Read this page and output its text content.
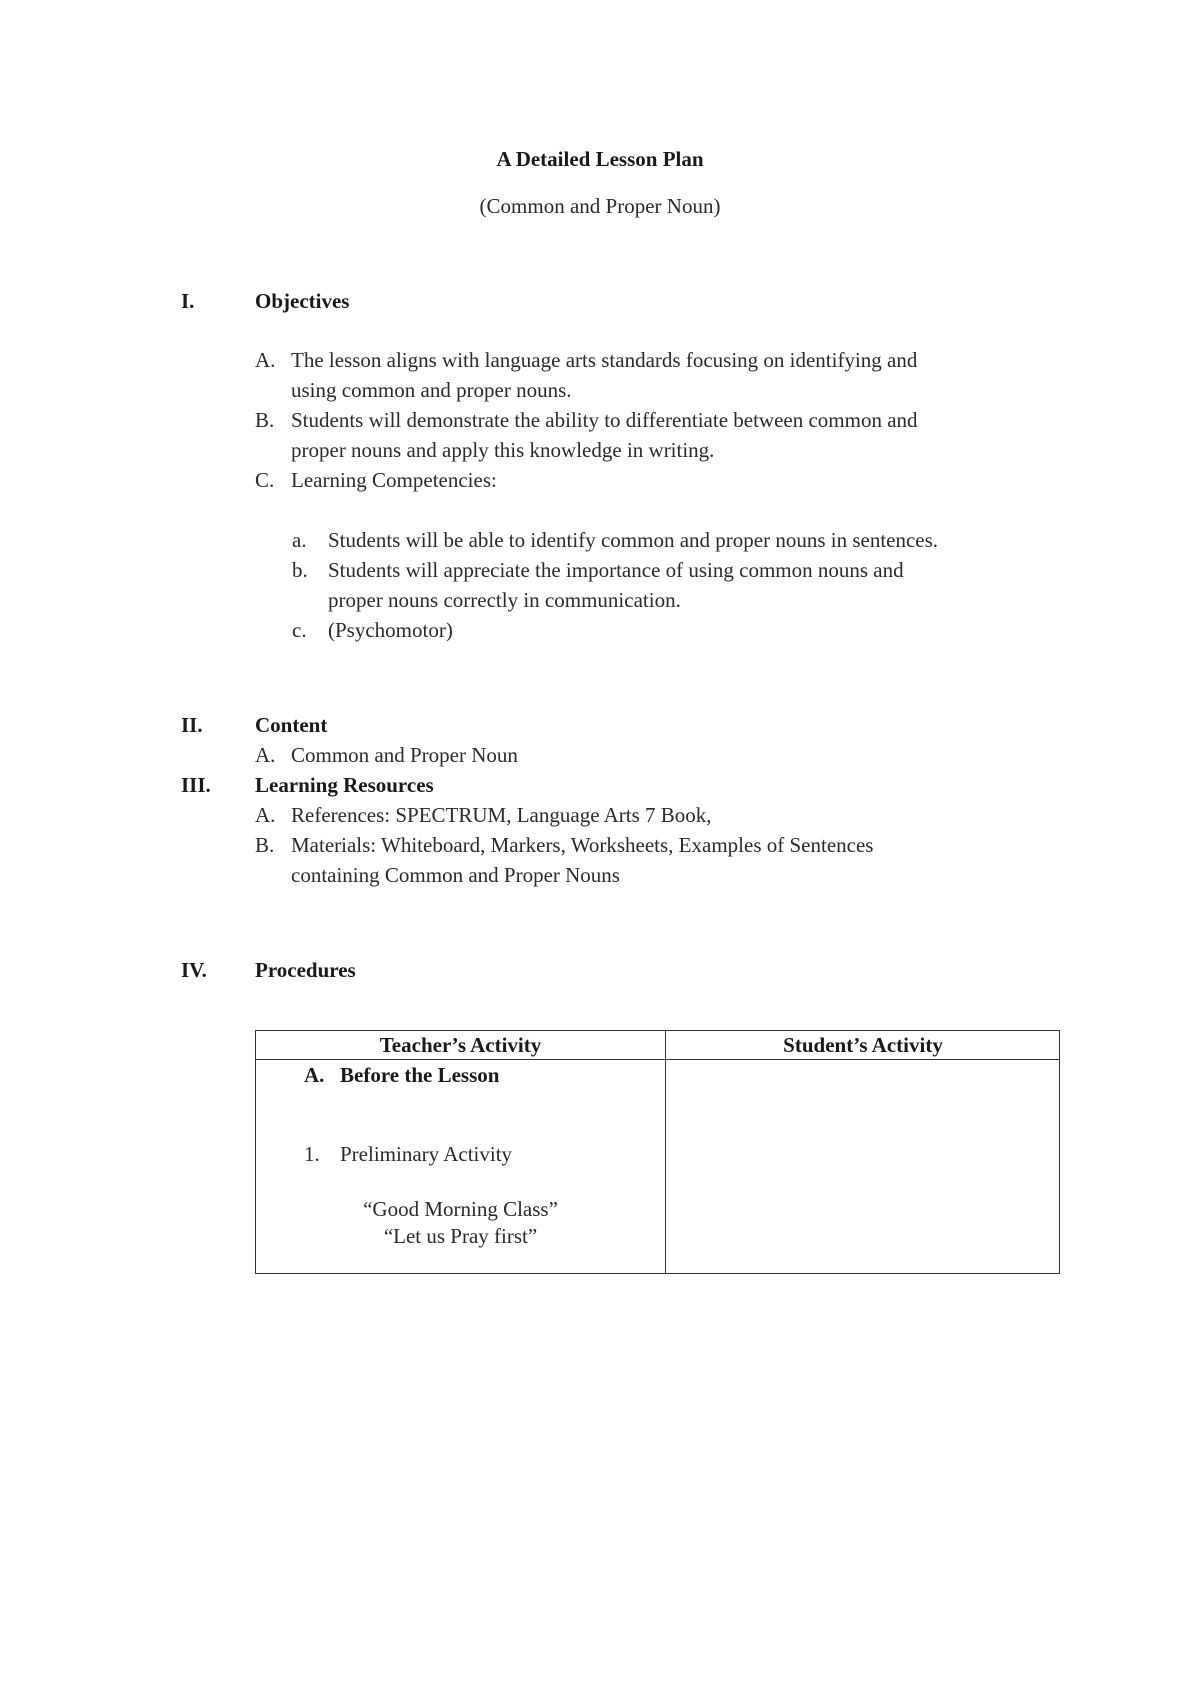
A Detailed Lesson Plan
(Common and Proper Noun)
I.	Objectives
A. The lesson aligns with language arts standards focusing on identifying and
using common and proper nouns.
B. Students will demonstrate the ability to differentiate between common and
proper nouns and apply this knowledge in writing.
C. Learning Competencies:
a. Students will be able to identify common and proper nouns in sentences.
b. Students will appreciate the importance of using common nouns and
proper nouns correctly in communication.
c. (Psychomotor)
II. Content
A. Common and Proper Noun
III. Learning Resources
A. References: SPECTRUM, Language Arts 7 Book,
B. Materials: Whiteboard, Markers, Worksheets, Examples of Sentences
containing Common and Proper Nouns
IV. Procedures
Teacher’s Activity	Student’s Activity
A. Before the Lesson
1. Preliminary Activity
“Good Morning Class”
“Let us Pray first”
